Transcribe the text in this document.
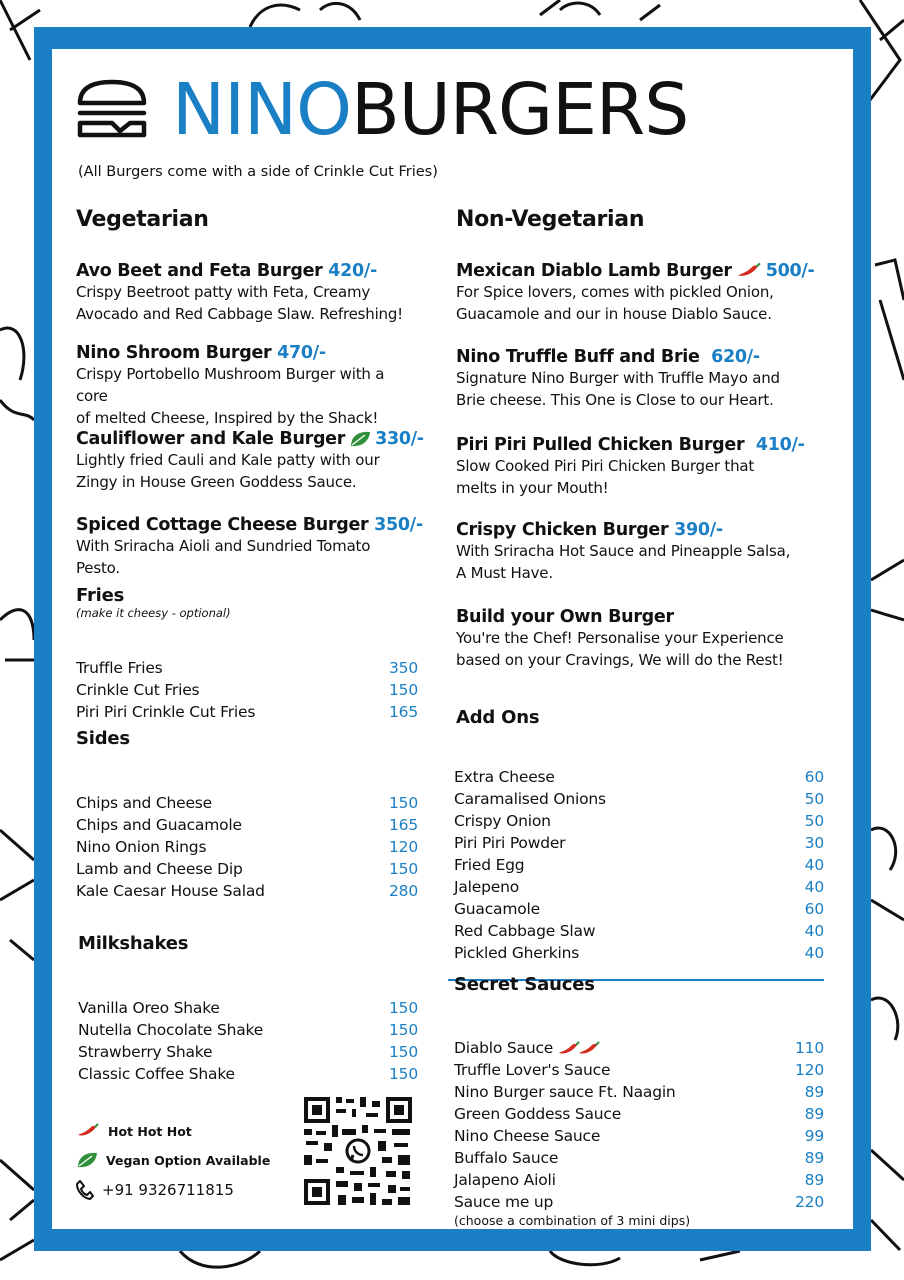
NINOBURGERS
(All Burgers come with a side of Crinkle Cut Fries)
Vegetarian
Avo Beet and Feta Burger 420/-
Crispy Beetroot patty with Feta, Creamy
Avocado and Red Cabbage Slaw. Refreshing!
Nino Shroom Burger 470/-
Crispy Portobello Mushroom Burger with a core
of melted Cheese, Inspired by the Shack!
Cauliflower and Kale Burger 330/-
Lightly fried Cauli and Kale patty with our
Zingy in House Green Goddess Sauce.
Spiced Cottage Cheese Burger 350/-
With Sriracha Aioli and Sundried Tomato Pesto.
Fries
(make it cheesy - optional)
Truffle Fries	350
Crinkle Cut Fries	150
Piri Piri Crinkle Cut Fries	165
Sides
Chips and Cheese	150
Chips and Guacamole	165
Nino Onion Rings	120
Lamb and Cheese Dip	150
Kale Caesar House Salad	280
Milkshakes
Vanilla Oreo Shake	150
Nutella Chocolate Shake	150
Strawberry Shake	150
Classic Coffee Shake	150
Hot Hot Hot
Vegan Option Available
+91 9326711815
Non-Vegetarian
Mexican Diablo Lamb Burger 500/-
For Spice lovers, comes with pickled Onion,
Guacamole and our in house Diablo Sauce.
Nino Truffle Buff and Brie 620/-
Signature Nino Burger with Truffle Mayo and
Brie cheese. This One is Close to our Heart.
Piri Piri Pulled Chicken Burger 410/-
Slow Cooked Piri Piri Chicken Burger that
melts in your Mouth!
Crispy Chicken Burger 390/-
With Sriracha Hot Sauce and Pineapple Salsa,
A Must Have.
Build your Own Burger
You're the Chef! Personalise your Experience
based on your Cravings, We will do the Rest!
Add Ons
Extra Cheese	60
Caramalised Onions	50
Crispy Onion	50
Piri Piri Powder	30
Fried Egg	40
Jalepeno	40
Guacamole	60
Red Cabbage Slaw	40
Pickled Gherkins	40
Secret Sauces
Diablo Sauce	110
Truffle Lover's Sauce	120
Nino Burger sauce Ft. Naagin	89
Green Goddess Sauce	89
Nino Cheese Sauce	99
Buffalo Sauce	89
Jalapeno Aioli	89
Sauce me up	220
(choose a combination of 3 mini dips)
